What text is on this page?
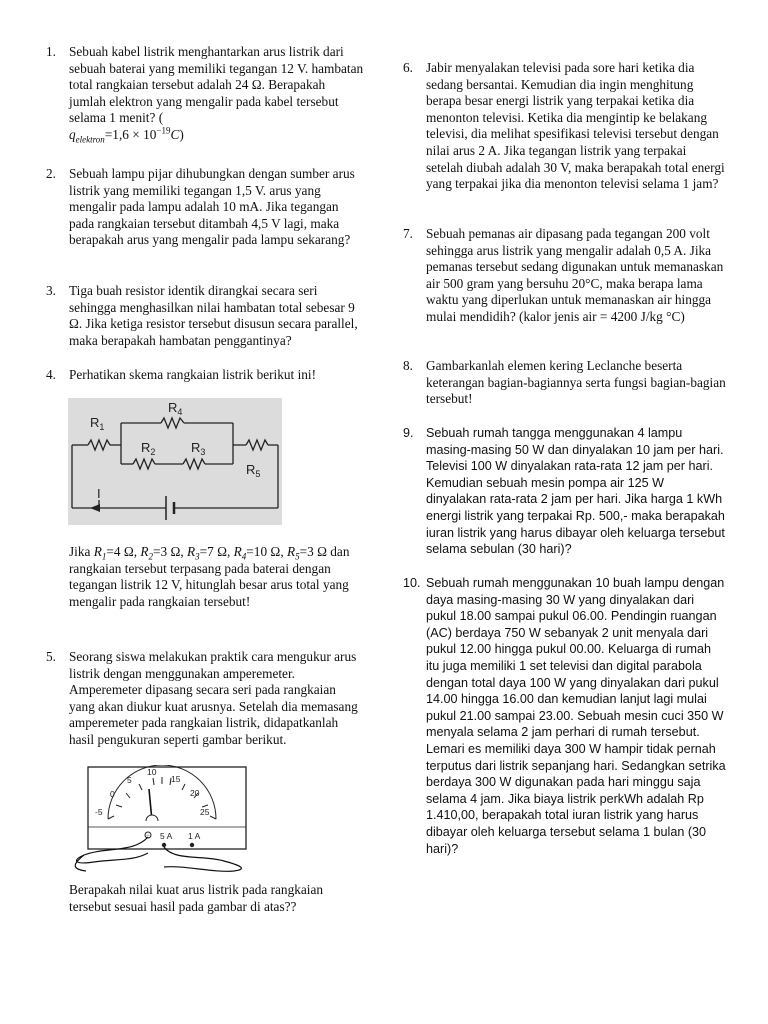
1. Sebuah kabel listrik menghantarkan arus listrik dari sebuah baterai yang memiliki tegangan 12 V. hambatan total rangkaian tersebut adalah 24 Ω. Berapakah jumlah elektron yang mengalir pada kabel tersebut selama 1 menit? (
$q_{elektron}=1,6 \times 10^{-19}C$)
2. Sebuah lampu pijar dihubungkan dengan sumber arus listrik yang memiliki tegangan 1,5 V. arus yang mengalir pada lampu adalah 10 mA. Jika tegangan pada rangkaian tersebut ditambah 4,5 V lagi, maka berapakah arus yang mengalir pada lampu sekarang?
3. Tiga buah resistor identik dirangkai secara seri sehingga menghasilkan nilai hambatan total sebesar 9 Ω. Jika ketiga resistor tersebut disusun secara parallel, maka berapakah hambatan penggantinya?
4. Perhatikan skema rangkaian listrik berikut ini!
Jika $R_1=4$ Ω, $R_2=3$ Ω, $R_3=7$ Ω, $R_4=10$ Ω, $R_5=3$ Ω dan rangkaian tersebut terpasang pada baterai dengan tegangan listrik 12 V, hitunglah besar arus total yang mengalir pada rangkaian tersebut!
5. Seorang siswa melakukan praktik cara mengukur arus listrik dengan menggunakan amperemeter. Amperemeter dipasang secara seri pada rangkaian yang akan diukur kuat arusnya. Setelah dia memasang amperemeter pada rangkaian listrik, didapatkanlah hasil pengukuran seperti gambar berikut.
Berapakah nilai kuat arus listrik pada rangkaian tersebut sesuai hasil pada gambar di atas??
$R_1$
$R_4$
$R_2$	$R_3$
$R_5$
I
-5
0
5
10
15
20
25
− 5 A 1 A
6. Jabir menyalakan televisi pada sore hari ketika dia sedang bersantai. Kemudian dia ingin menghitung berapa besar energi listrik yang terpakai ketika dia menonton televisi. Ketika dia mengintip ke belakang televisi, dia melihat spesifikasi televisi tersebut dengan nilai arus 2 A. Jika tegangan listrik yang terpakai setelah diubah adalah 30 V, maka berapakah total energi yang terpakai jika dia menonton televisi selama 1 jam?
7. Sebuah pemanas air dipasang pada tegangan 200 volt sehingga arus listrik yang mengalir adalah 0,5 A. Jika pemanas tersebut sedang digunakan untuk memanaskan air 500 gram yang bersuhu 20°C, maka berapa lama waktu yang diperlukan untuk memanaskan air hingga mulai mendidih? (kalor jenis air = 4200 J/kg °C)
8. Gambarkanlah elemen kering Leclanche beserta keterangan bagian-bagiannya serta fungsi bagian-bagian tersebut!
9. Sebuah rumah tangga menggunakan 4 lampu masing-masing 50 W dan dinyalakan 10 jam per hari. Televisi 100 W dinyalakan rata-rata 12 jam per hari. Kemudian sebuah mesin pompa air 125 W dinyalakan rata-rata 2 jam per hari. Jika harga 1 kWh energi listrik yang terpakai Rp. 500,- maka berapakah iuran listrik yang harus dibayar oleh keluarga tersebut selama sebulan (30 hari)?
10. Sebuah rumah menggunakan 10 buah lampu dengan daya masing-masing 30 W yang dinyalakan dari pukul 18.00 sampai pukul 06.00. Pendingin ruangan (AC) berdaya 750 W sebanyak 2 unit menyala dari pukul 12.00 hingga pukul 00.00. Keluarga di rumah itu juga memiliki 1 set televisi dan digital parabola dengan total daya 100 W yang dinyalakan dari pukul 14.00 hingga 16.00 dan kemudian lanjut lagi mulai pukul 21.00 sampai 23.00. Sebuah mesin cuci 350 W menyala selama 2 jam perhari di rumah tersebut. Lemari es memiliki daya 300 W hampir tidak pernah terputus dari listrik sepanjang hari. Sedangkan setrika berdaya 300 W digunakan pada hari minggu saja selama 4 jam. Jika biaya listrik perkWh adalah Rp 1.410,00, berapakah total iuran listrik yang harus dibayar oleh keluarga tersebut selama 1 bulan (30 hari)?
